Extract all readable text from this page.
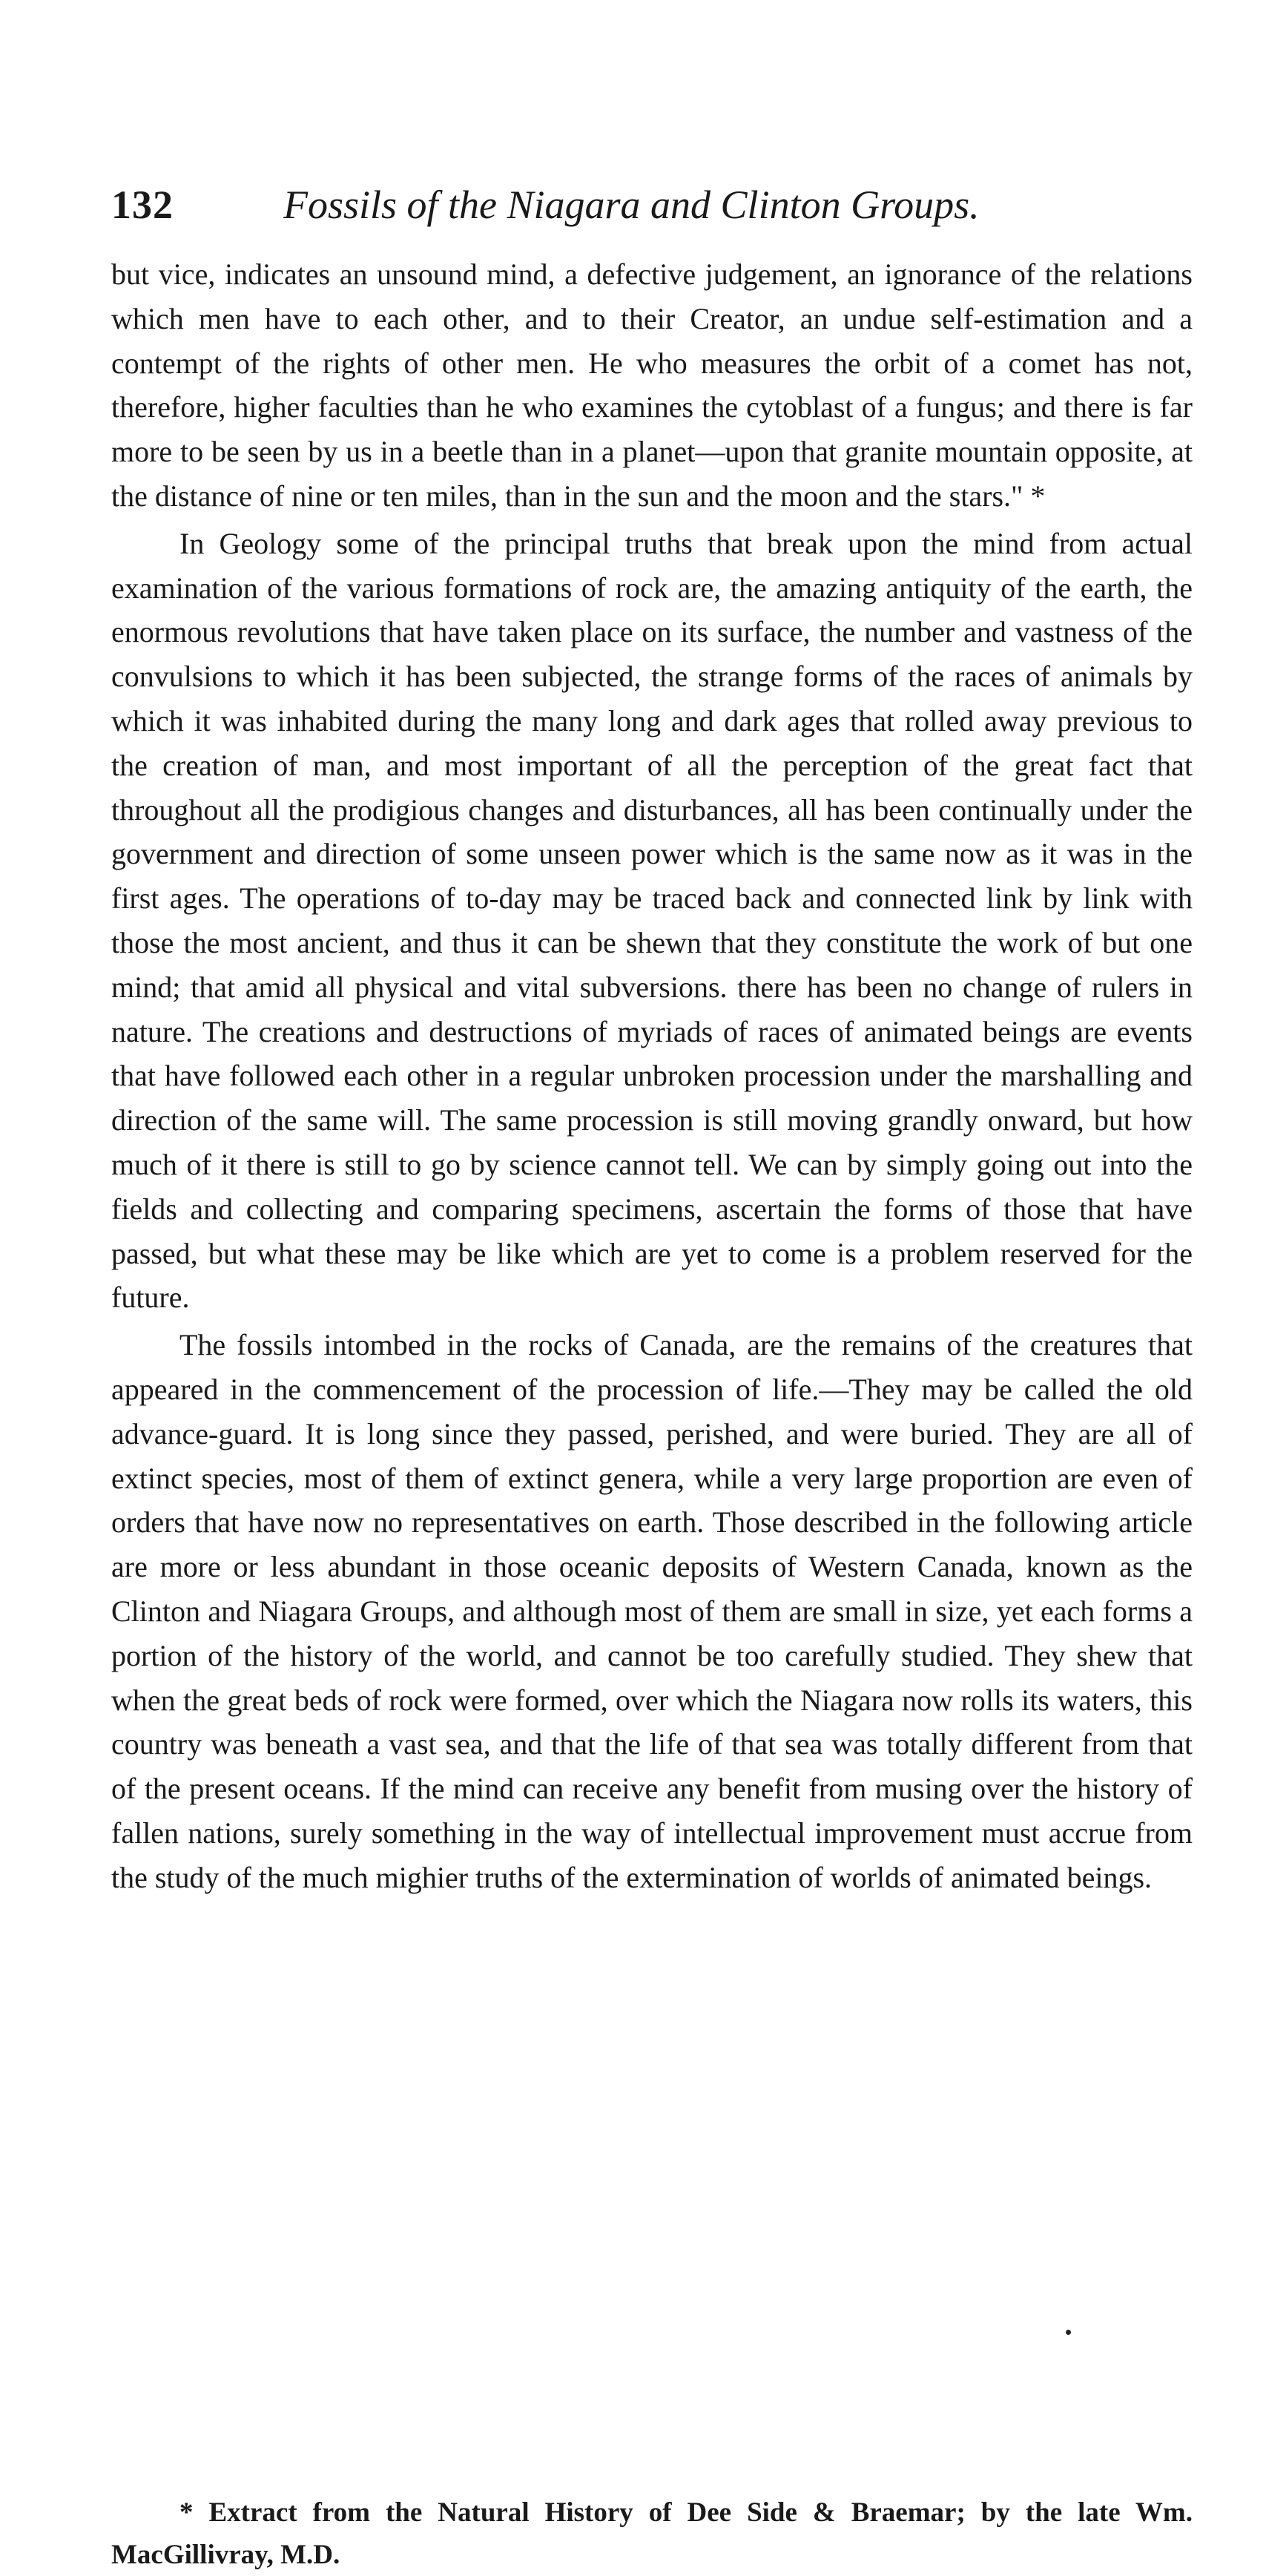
132	Fossils of the Niagara and Clinton Groups.

but vice, indicates an unsound mind, a defective judgement, an ignorance of the relations which men have to each other, and to their Creator, an undue self-estimation and a contempt of the rights of other men. He who measures the orbit of a comet has not, therefore, higher faculties than he who examines the cytoblast of a fungus; and there is far more to be seen by us in a beetle than in a planet—upon that granite mountain opposite, at the distance of nine or ten miles, than in the sun and the moon and the stars." *

In Geology some of the principal truths that break upon the mind from actual examination of the various formations of rock are, the amazing antiquity of the earth, the enormous revolutions that have taken place on its surface, the number and vastness of the convulsions to which it has been subjected, the strange forms of the races of animals by which it was inhabited during the many long and dark ages that rolled away previous to the creation of man, and most important of all the perception of the great fact that throughout all the prodigious changes and disturbances, all has been continually under the government and direction of some unseen power which is the same now as it was in the first ages. The operations of to-day may be traced back and connected link by link with those the most ancient, and thus it can be shewn that they constitute the work of but one mind; that amid all physical and vital subversions. there has been no change of rulers in nature. The creations and destructions of myriads of races of animated beings are events that have followed each other in a regular unbroken procession under the marshalling and direction of the same will. The same procession is still moving grandly onward, but how much of it there is still to go by science cannot tell. We can by simply going out into the fields and collecting and comparing specimens, ascertain the forms of those that have passed, but what these may be like which are yet to come is a problem reserved for the future.

The fossils intombed in the rocks of Canada, are the remains of the creatures that appeared in the commencement of the procession of life.—They may be called the old advance-guard. It is long since they passed, perished, and were buried. They are all of extinct species, most of them of extinct genera, while a very large proportion are even of orders that have now no representatives on earth. Those described in the following article are more or less abundant in those oceanic deposits of Western Canada, known as the Clinton and Niagara Groups, and although most of them are small in size, yet each forms a portion of the history of the world, and cannot be too carefully studied. They shew that when the great beds of rock were formed, over which the Niagara now rolls its waters, this country was beneath a vast sea, and that the life of that sea was totally different from that of the present oceans. If the mind can receive any benefit from musing over the history of fallen nations, surely something in the way of intellectual improvement must accrue from the study of the much mighier truths of the extermination of worlds of animated beings.

* Extract from the Natural History of Dee Side & Braemar; by the late Wm. MacGillivray, M.D.
